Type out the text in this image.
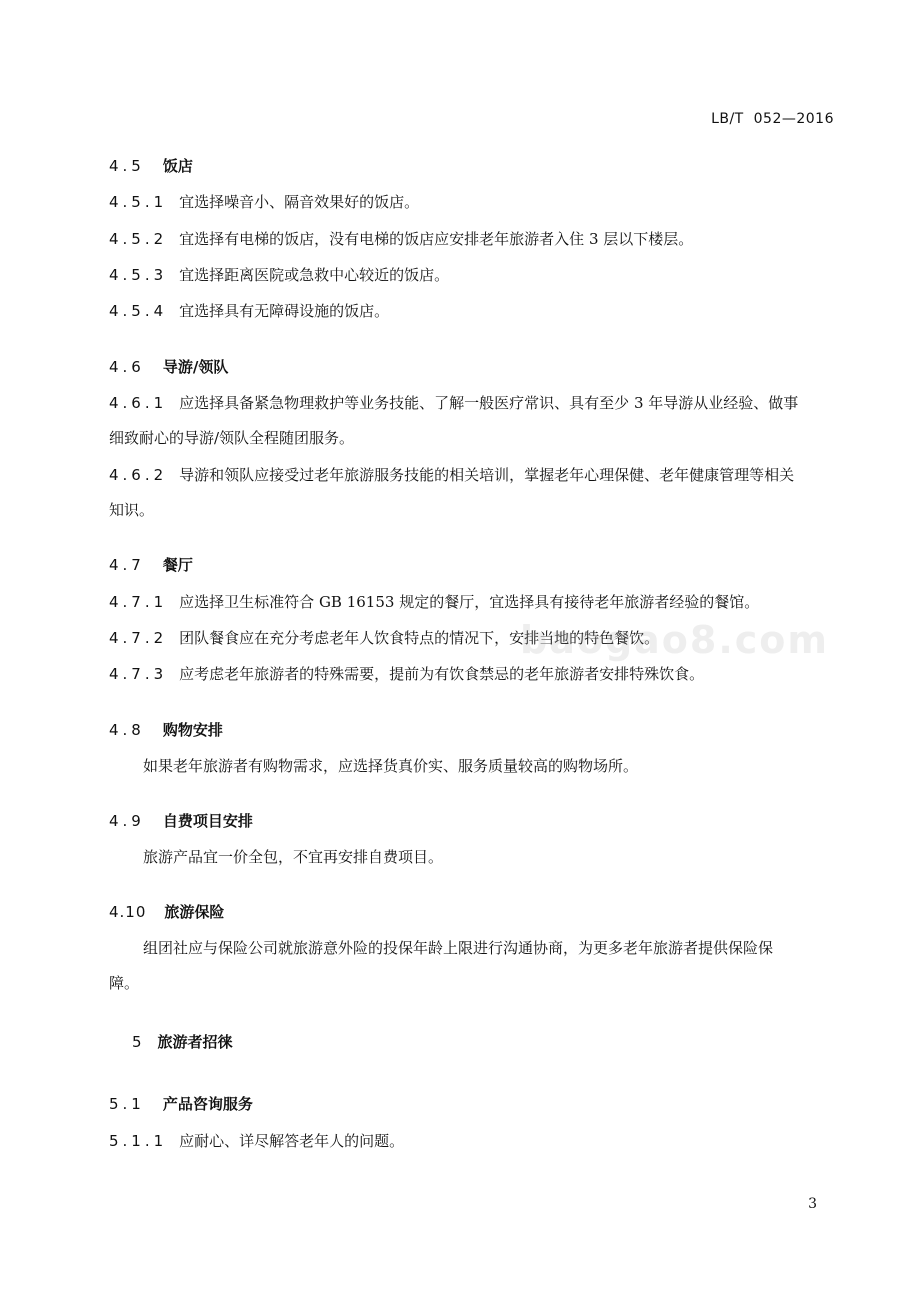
LB/T  052—2016
4.5 饭店
4.5.1 宜选择噪音小、隔音效果好的饭店。
4.5.2 宜选择有电梯的饭店，没有电梯的饭店应安排老年旅游者入住 3 层以下楼层。
4.5.3 宜选择距离医院或急救中心较近的饭店。
4.5.4 宜选择具有无障碍设施的饭店。
4.6 导游/领队
4.6.1 应选择具备紧急物理救护等业务技能、了解一般医疗常识、具有至少 3 年导游从业经验、做事
细致耐心的导游/领队全程随团服务。
4.6.2 导游和领队应接受过老年旅游服务技能的相关培训，掌握老年心理保健、老年健康管理等相关
知识。
4.7 餐厅
4.7.1 应选择卫生标准符合 GB 16153 规定的餐厅，宜选择具有接待老年旅游者经验的餐馆。
4.7.2 团队餐食应在充分考虑老年人饮食特点的情况下，安排当地的特色餐饮。
4.7.3 应考虑老年旅游者的特殊需要，提前为有饮食禁忌的老年旅游者安排特殊饮食。
4.8 购物安排
如果老年旅游者有购物需求，应选择货真价实、服务质量较高的购物场所。
4.9 自费项目安排
旅游产品宜一价全包，不宜再安排自费项目。
4.10 旅游保险
组团社应与保险公司就旅游意外险的投保年龄上限进行沟通协商，为更多老年旅游者提供保险保
障。
5 旅游者招徕
5.1 产品咨询服务
5.1.1 应耐心、详尽解答老年人的问题。
baogao8.com
3
